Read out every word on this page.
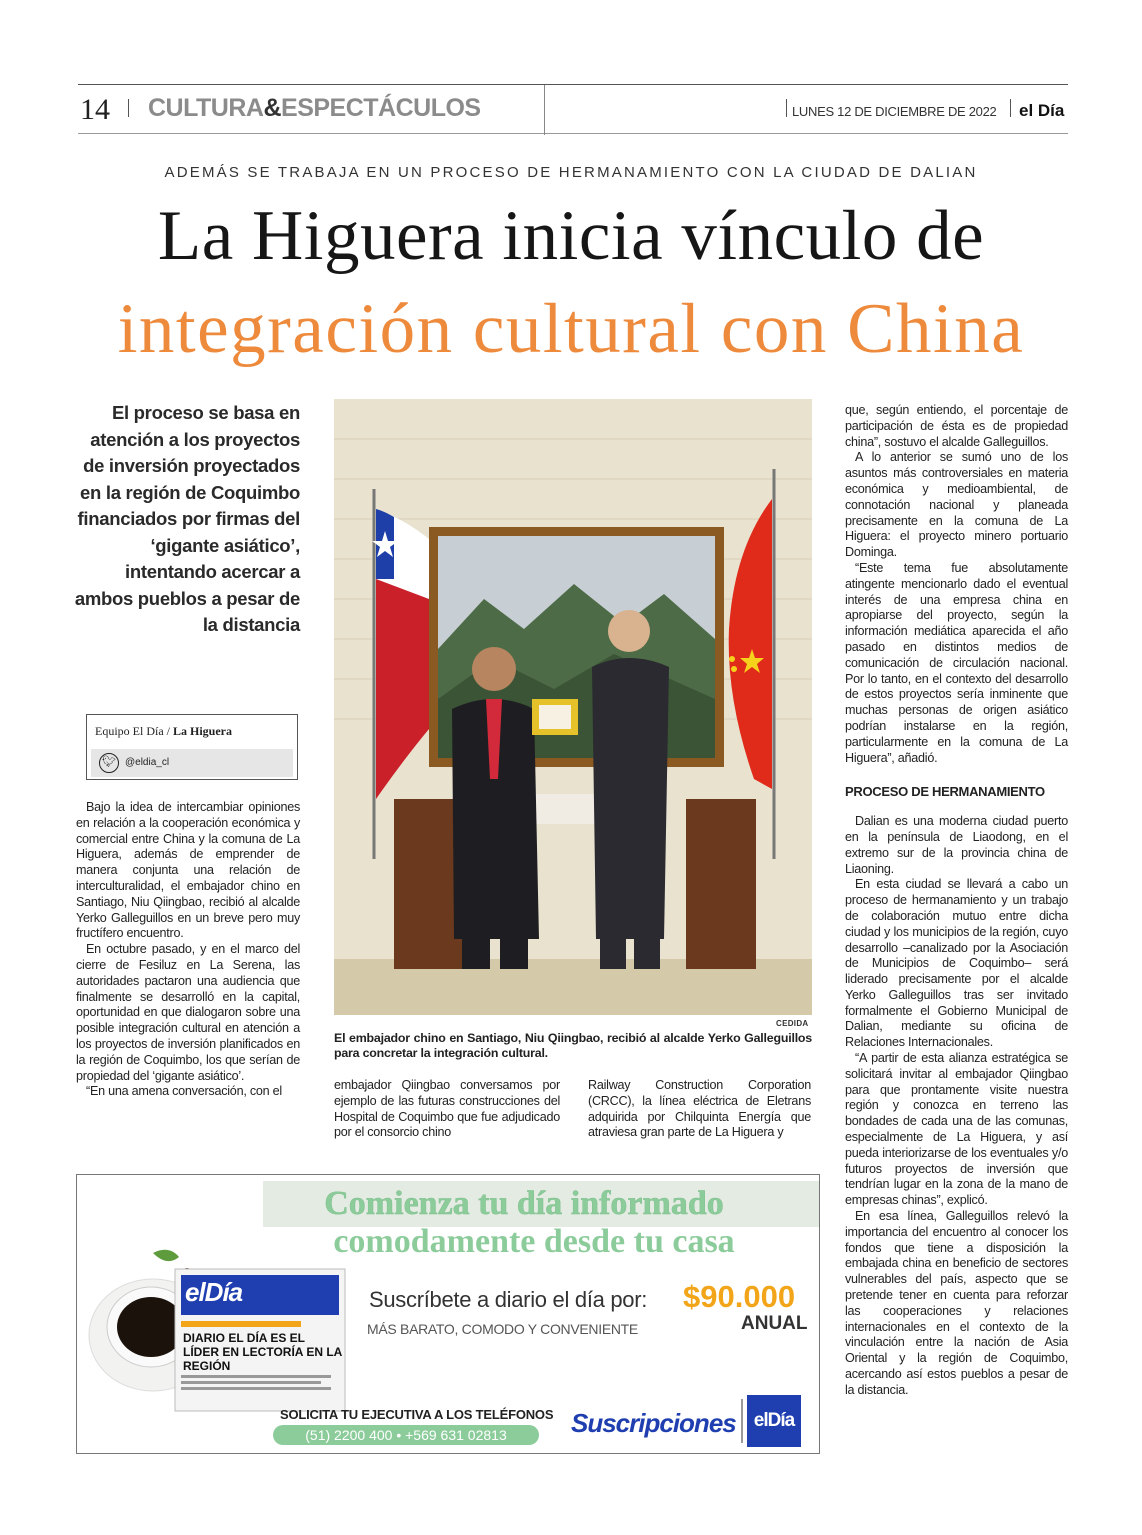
14 CULTURA&ESPECTÁCULOS	LUNES 12 DE DICIEMBRE DE 2022 el Día
ADEMÁS SE TRABAJA EN UN PROCESO DE HERMANAMIENTO CON LA CIUDAD DE DALIAN
La Higuera inicia vínculo de
integración cultural con China
El proceso se basa en atención a los proyectos de inversión proyectados en la región de Coquimbo financiados por firmas del ‘gigante asiático’, intentando acercar a ambos pueblos a pesar de la distancia
Equipo El Día / La Higuera
🐦︎ @eldia_cl

Bajo la idea de intercambiar opiniones en relación a la cooperación económica y comercial entre China y la comuna de La Higuera, además de emprender de manera conjunta una relación de interculturalidad, el embajador chino en Santiago, Niu Qiingbao, recibió al alcalde Yerko Galleguillos en un breve pero muy fructífero encuentro.

En octubre pasado, y en el marco del cierre de Fesiluz en La Serena, las autoridades pactaron una audiencia que finalmente se desarrolló en la capital, oportunidad en que dialogaron sobre una posible integración cultural en atención a los proyectos de inversión planificados en la región de Coquimbo, los que serían de propiedad del ‘gigante asiático’.

“En una amena conversación, con el

CEDIDA
El embajador chino en Santiago, Niu Qiingbao, recibió al alcalde Yerko Galleguillos para concretar la integración cultural.

embajador Qiingbao conversamos por ejemplo de las futuras construcciones del Hospital de Coquimbo que fue adjudicado por el consorcio chino

Railway Construction Corporation (CRCC), la línea eléctrica de Eletrans adquirida por Chilquinta Energía que atraviesa gran parte de La Higuera y

que, según entiendo, el porcentaje de participación de ésta es de propiedad china”, sostuvo el alcalde Galleguillos.

A lo anterior se sumó uno de los asuntos más controversiales en materia económica y medioambiental, de connotación nacional y planeada precisamente en la comuna de La Higuera: el proyecto minero portuario Dominga.

“Este tema fue absolutamente atingente mencionarlo dado el eventual interés de una empresa china en apropiarse del proyecto, según la información mediática aparecida el año pasado en distintos medios de comunicación de circulación nacional. Por lo tanto, en el contexto del desarrollo de estos proyectos sería inminente que muchas personas de origen asiático podrían instalarse en la región, particularmente en la comuna de La Higuera”, añadió.

PROCESO DE HERMANAMIENTO

Dalian es una moderna ciudad puerto en la península de Liaodong, en el extremo sur de la provincia china de Liaoning.

En esta ciudad se llevará a cabo un proceso de hermanamiento y un trabajo de colaboración mutuo entre dicha ciudad y los municipios de la región, cuyo desarrollo –canalizado por la Asociación de Municipios de Coquimbo– será liderado precisamente por el alcalde Yerko Galleguillos tras ser invitado formalmente el Gobierno Municipal de Dalian, mediante su oficina de Relaciones Internacionales.

“A partir de esta alianza estratégica se solicitará invitar al embajador Qiingbao para que prontamente visite nuestra región y conozca en terreno las bondades de cada una de las comunas, especialmente de La Higuera, y así pueda interiorizarse de los eventuales y/o futuros proyectos de inversión que tendrían lugar en la zona de la mano de empresas chinas”, explicó.

En esa línea, Galleguillos relevó la importancia del encuentro al conocer los fondos que tiene a disposición la embajada china en beneficio de sectores vulnerables del país, aspecto que se pretende tener en cuenta para reforzar las cooperaciones y relaciones internacionales en el contexto de la vinculación entre la nación de Asia Oriental y la región de Coquimbo, acercando así estos pueblos a pesar de la distancia.

Comienza tu día informado
comodamente desde tu casa
elDía
DIARIO EL DÍA ES EL LÍDER EN LECTORÍA EN LA REGIÓN
Suscríbete a diario el día por: $90.000
ANUAL
MÁS BARATO, COMODO Y CONVENIENTE
SOLICITA TU EJECUTIVA A LOS TELÉFONOS
(51) 2200 400 • +569 631 02813	Suscripciones elDía
